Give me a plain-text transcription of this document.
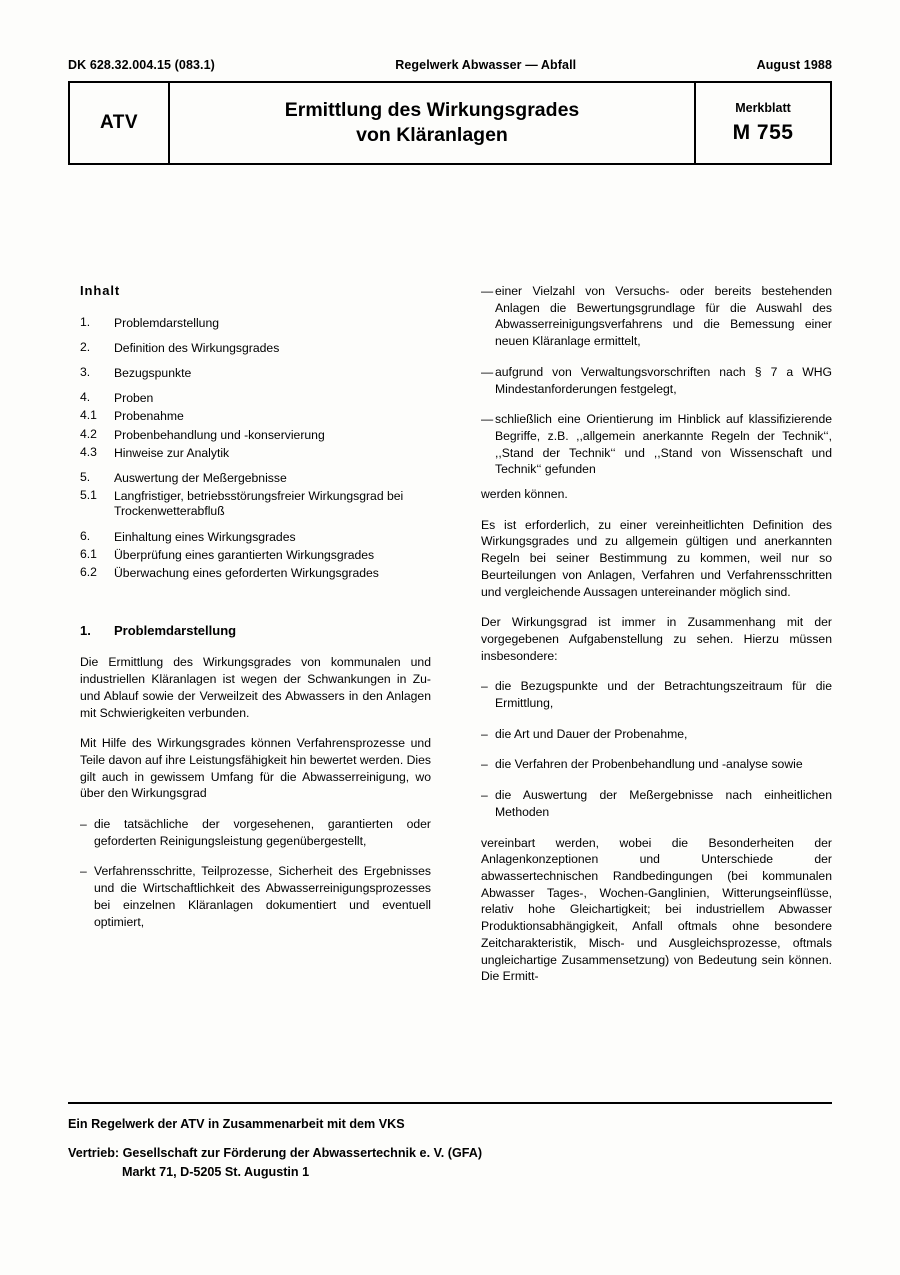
DK 628.32.004.15 (083.1)	Regelwerk Abwasser — Abfall	August 1988
ATV
Ermittlung des Wirkungsgrades
von Kläranlagen
Merkblatt
M 755
Inhalt
1.	Problemdarstellung
2.	Definition des Wirkungsgrades
3.	Bezugspunkte
4.	Proben
4.1	Probenahme
4.2	Probenbehandlung und -konservierung
4.3	Hinweise zur Analytik
5.	Auswertung der Meßergebnisse
5.1	Langfristiger, betriebsstörungsfreier Wirkungsgrad bei Trockenwetterabfluß
6.	Einhaltung eines Wirkungsgrades
6.1	Überprüfung eines garantierten Wirkungsgrades
6.2	Überwachung eines geforderten Wirkungsgrades
1. Problemdarstellung

Die Ermittlung des Wirkungsgrades von kommunalen und industriellen Kläranlagen ist wegen der Schwankungen in Zu- und Ablauf sowie der Verweilzeit des Abwassers in den Anlagen mit Schwierigkeiten verbunden.

Mit Hilfe des Wirkungsgrades können Verfahrensprozesse und Teile davon auf ihre Leistungsfähigkeit hin bewertet werden. Dies gilt auch in gewissem Umfang für die Abwasserreinigung, wo über den Wirkungsgrad

– die tatsächliche der vorgesehenen, garantierten oder geforderten Reinigungsleistung gegenübergestellt,
– Verfahrensschritte, Teilprozesse, Sicherheit des Ergebnisses und die Wirtschaftlichkeit des Abwasserreinigungsprozesses bei einzelnen Kläranlagen dokumentiert und eventuell optimiert,
— einer Vielzahl von Versuchs- oder bereits bestehenden Anlagen die Bewertungsgrundlage für die Auswahl des Abwasserreinigungsverfahrens und die Bemessung einer neuen Kläranlage ermittelt,
— aufgrund von Verwaltungsvorschriften nach § 7 a WHG Mindestanforderungen festgelegt,
— schließlich eine Orientierung im Hinblick auf klassifizierende Begriffe, z.B. ,,allgemein anerkannte Regeln der Technik‘‘, ,,Stand der Technik‘‘ und ,,Stand von Wissenschaft und Technik‘‘ gefunden
werden können.

Es ist erforderlich, zu einer vereinheitlichten Definition des Wirkungsgrades und zu allgemein gültigen und anerkannten Regeln bei seiner Bestimmung zu kommen, weil nur so Beurteilungen von Anlagen, Verfahren und Verfahrensschritten und vergleichende Aussagen untereinander möglich sind.

Der Wirkungsgrad ist immer in Zusammenhang mit der vorgegebenen Aufgabenstellung zu sehen. Hierzu müssen insbesondere:

– die Bezugspunkte und der Betrachtungszeitraum für die Ermittlung,
– die Art und Dauer der Probenahme,
– die Verfahren der Probenbehandlung und -analyse sowie
– die Auswertung der Meßergebnisse nach einheitlichen Methoden

vereinbart werden, wobei die Besonderheiten der Anlagenkonzeptionen und Unterschiede der abwassertechnischen Randbedingungen (bei kommunalen Abwasser Tages-, Wochen-Ganglinien, Witterungseinflüsse, relativ hohe Gleichartigkeit; bei industriellem Abwasser Produktionsabhängigkeit, Anfall oftmals ohne besondere Zeitcharakteristik, Misch- und Ausgleichsprozesse, oftmals ungleichartige Zusammensetzung) von Bedeutung sein können. Die Ermitt-

Ein Regelwerk der ATV in Zusammenarbeit mit dem VKS
Vertrieb: Gesellschaft zur Förderung der Abwassertechnik e. V. (GFA)
Markt 71, D-5205 St. Augustin 1
